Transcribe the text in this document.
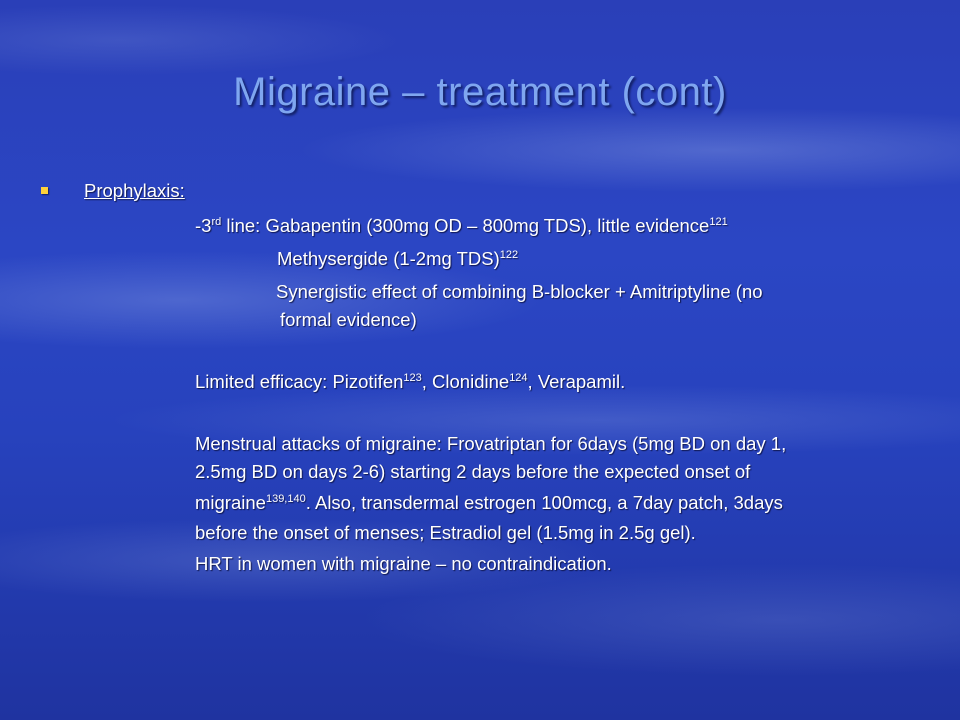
Migraine – treatment (cont)
Prophylaxis:
-3rd line: Gabapentin (300mg OD – 800mg TDS), little evidence$^{121}$
Methysergide (1-2mg TDS)$^{122}$
Synergistic effect of combining B-blocker + Amitriptyline (no
formal evidence)
Limited efficacy: Pizotifen$^{123}$, Clonidine$^{124}$, Verapamil.
Menstrual attacks of migraine: Frovatriptan for 6days (5mg BD on day 1,
2.5mg BD on days 2-6) starting 2 days before the expected onset of
migraine$^{139,140}$. Also, transdermal estrogen 100mcg, a 7day patch, 3days
before the onset of menses; Estradiol gel (1.5mg in 2.5g gel).
HRT in women with migraine – no contraindication.
